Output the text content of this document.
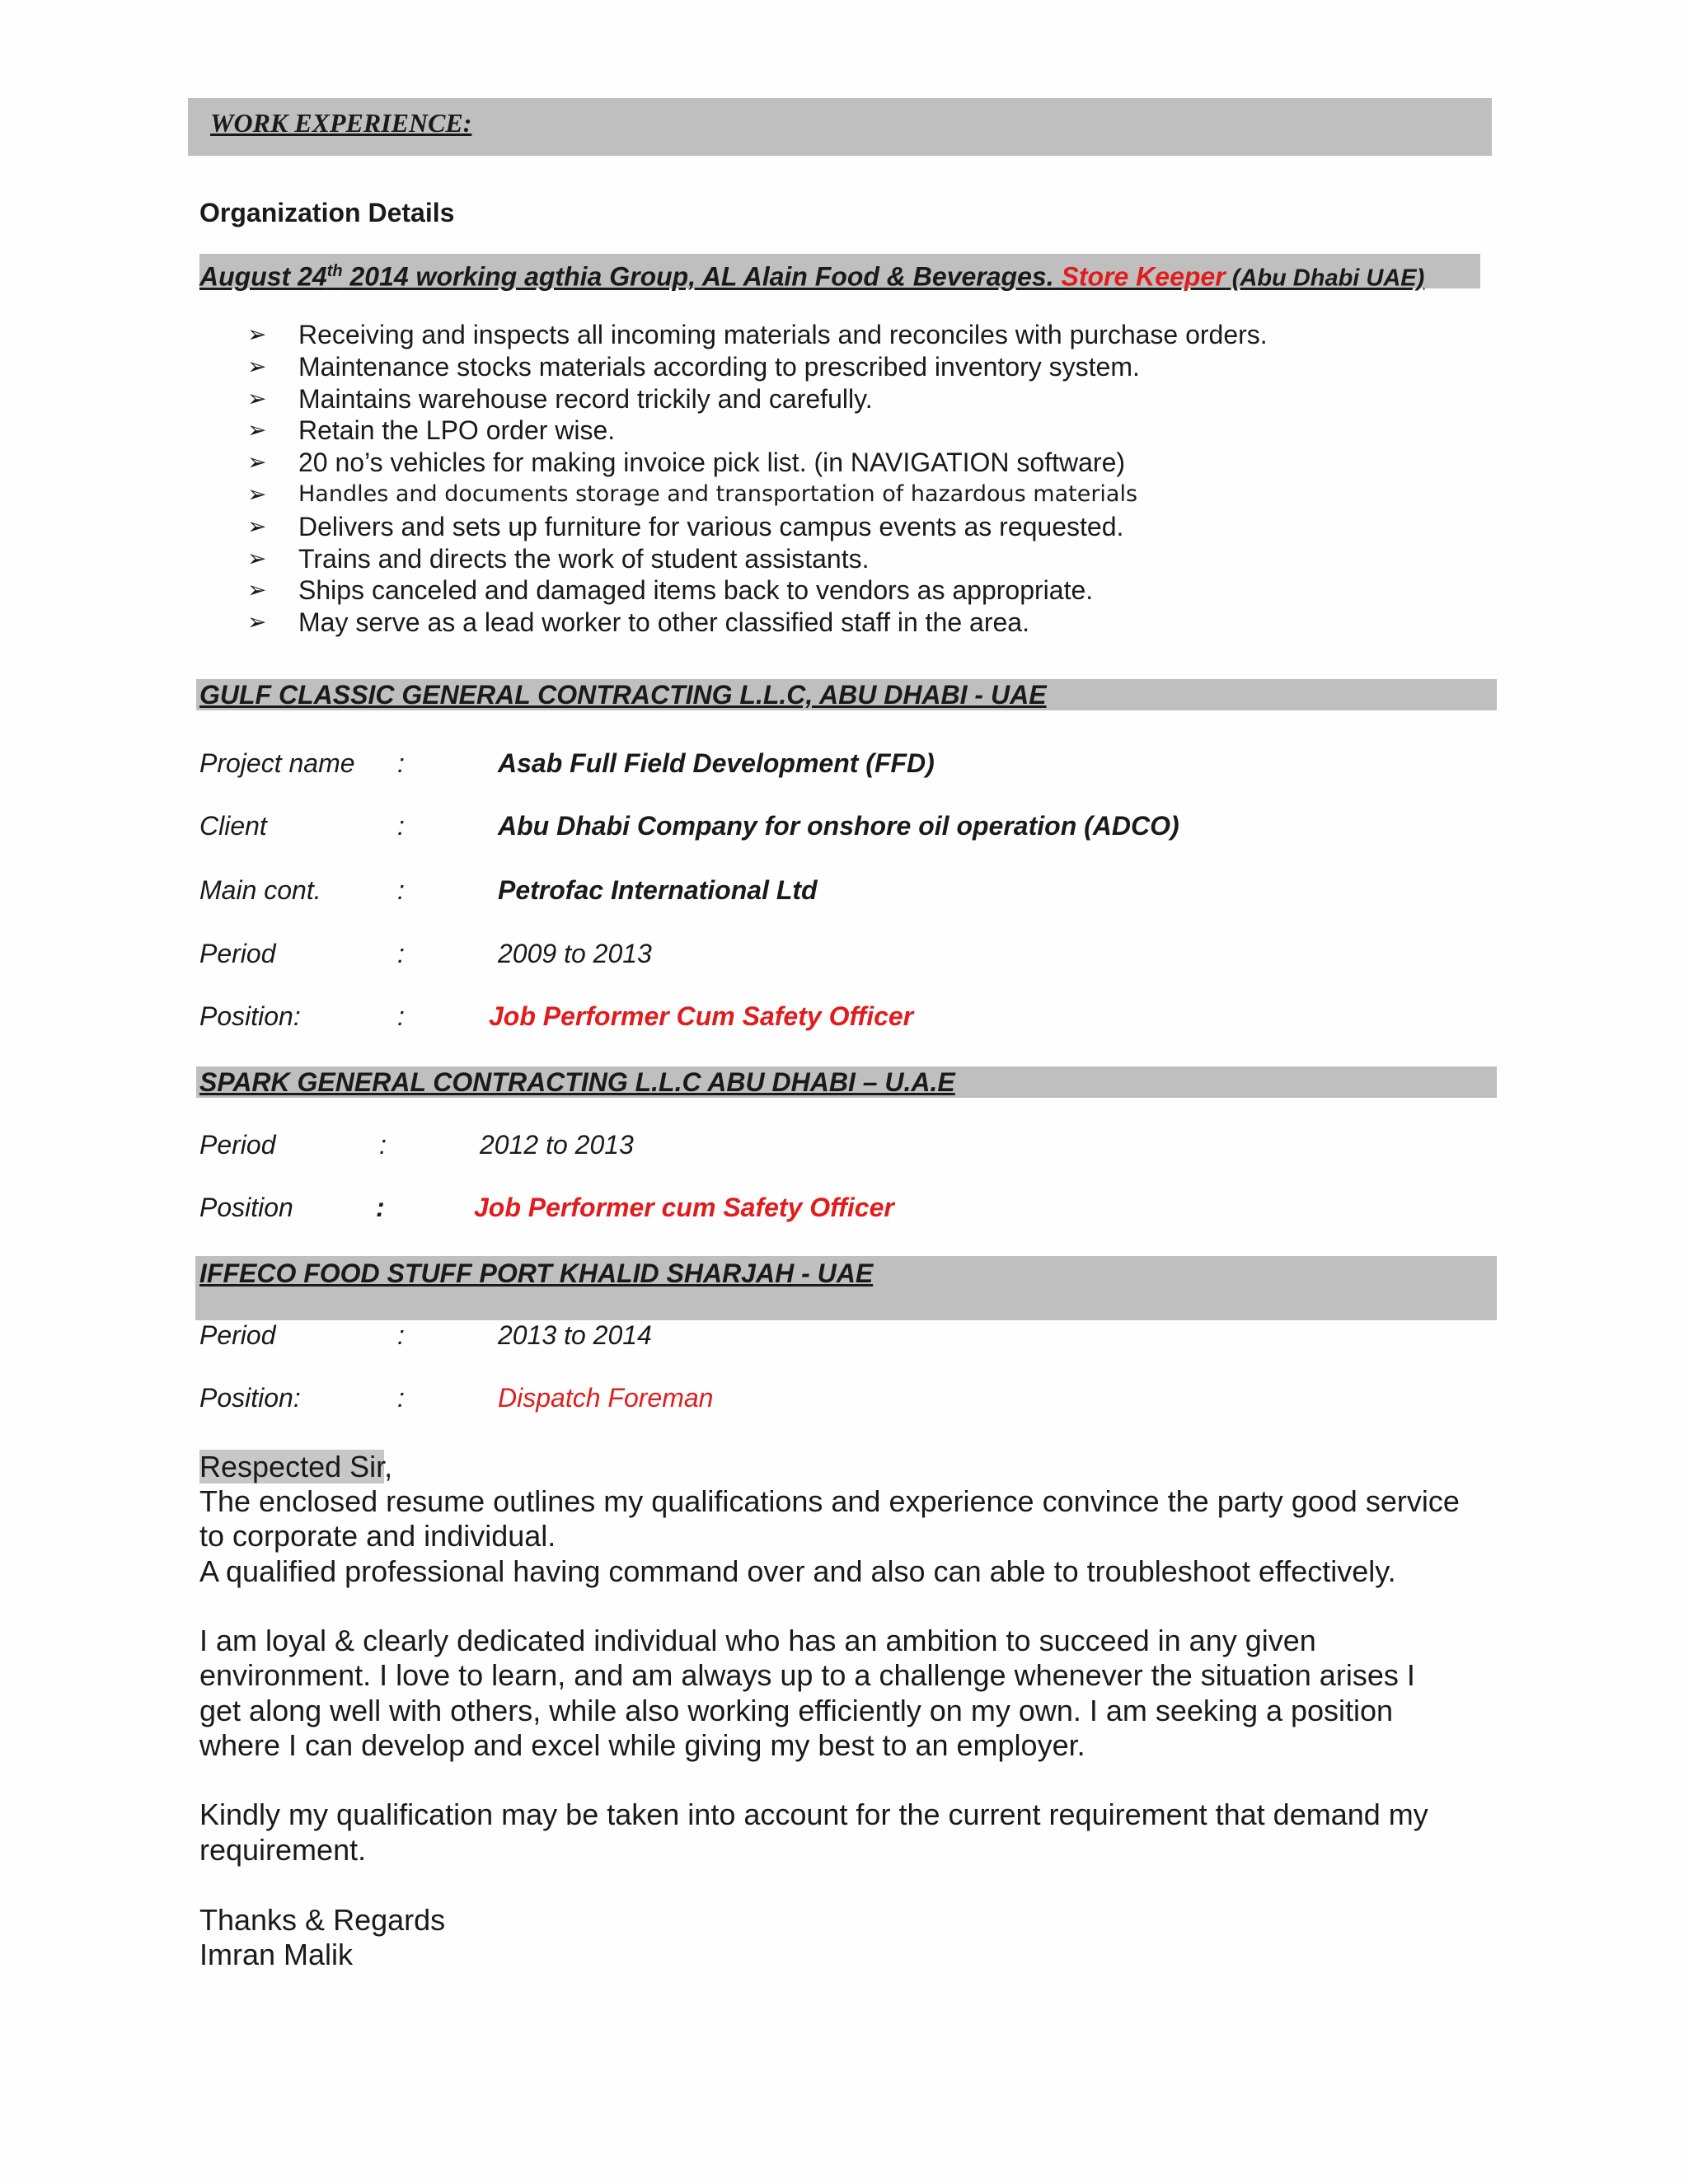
WORK EXPERIENCE:
Organization Details
August 24th 2014 working agthia Group, AL Alain Food & Beverages. Store Keeper (Abu Dhabi UAE)
➢	Receiving and inspects all incoming materials and reconciles with purchase orders.
➢	Maintenance stocks materials according to prescribed inventory system.
➢	Maintains warehouse record trickily and carefully.
➢	Retain the LPO order wise.
➢	20 no’s vehicles for making invoice pick list. (in NAVIGATION software)
➢	Handles and documents storage and transportation of hazardous materials
➢	Delivers and sets up furniture for various campus events as requested.
➢	Trains and directs the work of student assistants.
➢	Ships canceled and damaged items back to vendors as appropriate.
➢	May serve as a lead worker to other classified staff in the area.
GULF CLASSIC GENERAL CONTRACTING L.L.C, ABU DHABI - UAE
Project name :	Asab Full Field Development (FFD)
Client	:	Abu Dhabi Company for onshore oil operation (ADCO)
Main cont.	:	Petrofac International Ltd
Period	:	2009 to 2013
Position:	:	Job Performer Cum Safety Officer
SPARK GENERAL CONTRACTING L.L.C ABU DHABI – U.A.E
Period	:	2012 to 2013
Position	:	Job Performer cum Safety Officer
IFFECO FOOD STUFF PORT KHALID SHARJAH - UAE
Period	:	2013 to 2014
Position:	:	Dispatch Foreman
Respected Sir,
The enclosed resume outlines my qualifications and experience convince the party good service
to corporate and individual.
A qualified professional having command over and also can able to troubleshoot effectively.
I am loyal & clearly dedicated individual who has an ambition to succeed in any given
environment. I love to learn, and am always up to a challenge whenever the situation arises I
get along well with others, while also working efficiently on my own. I am seeking a position
where I can develop and excel while giving my best to an employer.
Kindly my qualification may be taken into account for the current requirement that demand my
requirement.
Thanks & Regards
Imran Malik
